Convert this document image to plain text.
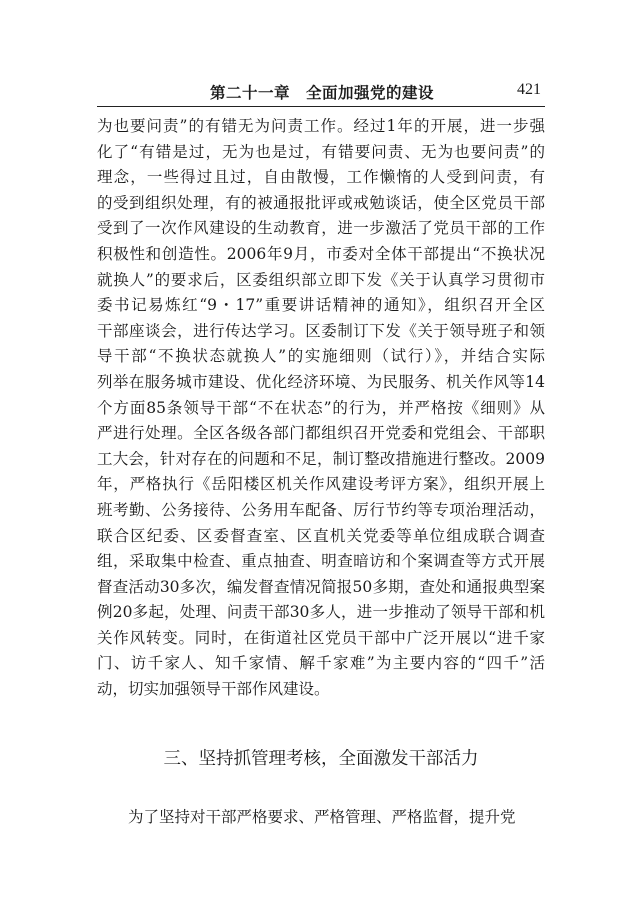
第二十一章　全面加强党的建设	421
为也要问责”的有错无为问责工作。经过1年的开展，进一步强
化了“有错是过，无为也是过，有错要问责、无为也要问责”的
理念，一些得过且过，自由散慢，工作懒惰的人受到问责，有
的受到组织处理，有的被通报批评或戒勉谈话，使全区党员干部
受到了一次作风建设的生动教育，进一步激活了党员干部的工作
积极性和创造性。2006年9月，市委对全体干部提出“不换状况
就换人”的要求后，区委组织部立即下发《关于认真学习贯彻市
委书记易炼红“9・17”重要讲话精神的通知》，组织召开全区
干部座谈会，进行传达学习。区委制订下发《关于领导班子和领
导干部“不换状态就换人”的实施细则（试行）》，并结合实际
列举在服务城市建设、优化经济环境、为民服务、机关作风等14
个方面85条领导干部“不在状态”的行为，并严格按《细则》从
严进行处理。全区各级各部门都组织召开党委和党组会、干部职
工大会，针对存在的问题和不足，制订整改措施进行整改。2009
年，严格执行《岳阳楼区机关作风建设考评方案》，组织开展上
班考勤、公务接待、公务用车配备、厉行节约等专项治理活动，
联合区纪委、区委督查室、区直机关党委等单位组成联合调查
组，采取集中检查、重点抽查、明查暗访和个案调查等方式开展
督查活动30多次，编发督查情况简报50多期，查处和通报典型案
例20多起，处理、问责干部30多人，进一步推动了领导干部和机
关作风转变。同时，在街道社区党员干部中广泛开展以“进千家
门、访千家人、知千家情、解千家难”为主要内容的“四千”活
动，切实加强领导干部作风建设。
三、坚持抓管理考核，全面激发干部活力
为了坚持对干部严格要求、严格管理、严格监督，提升党
